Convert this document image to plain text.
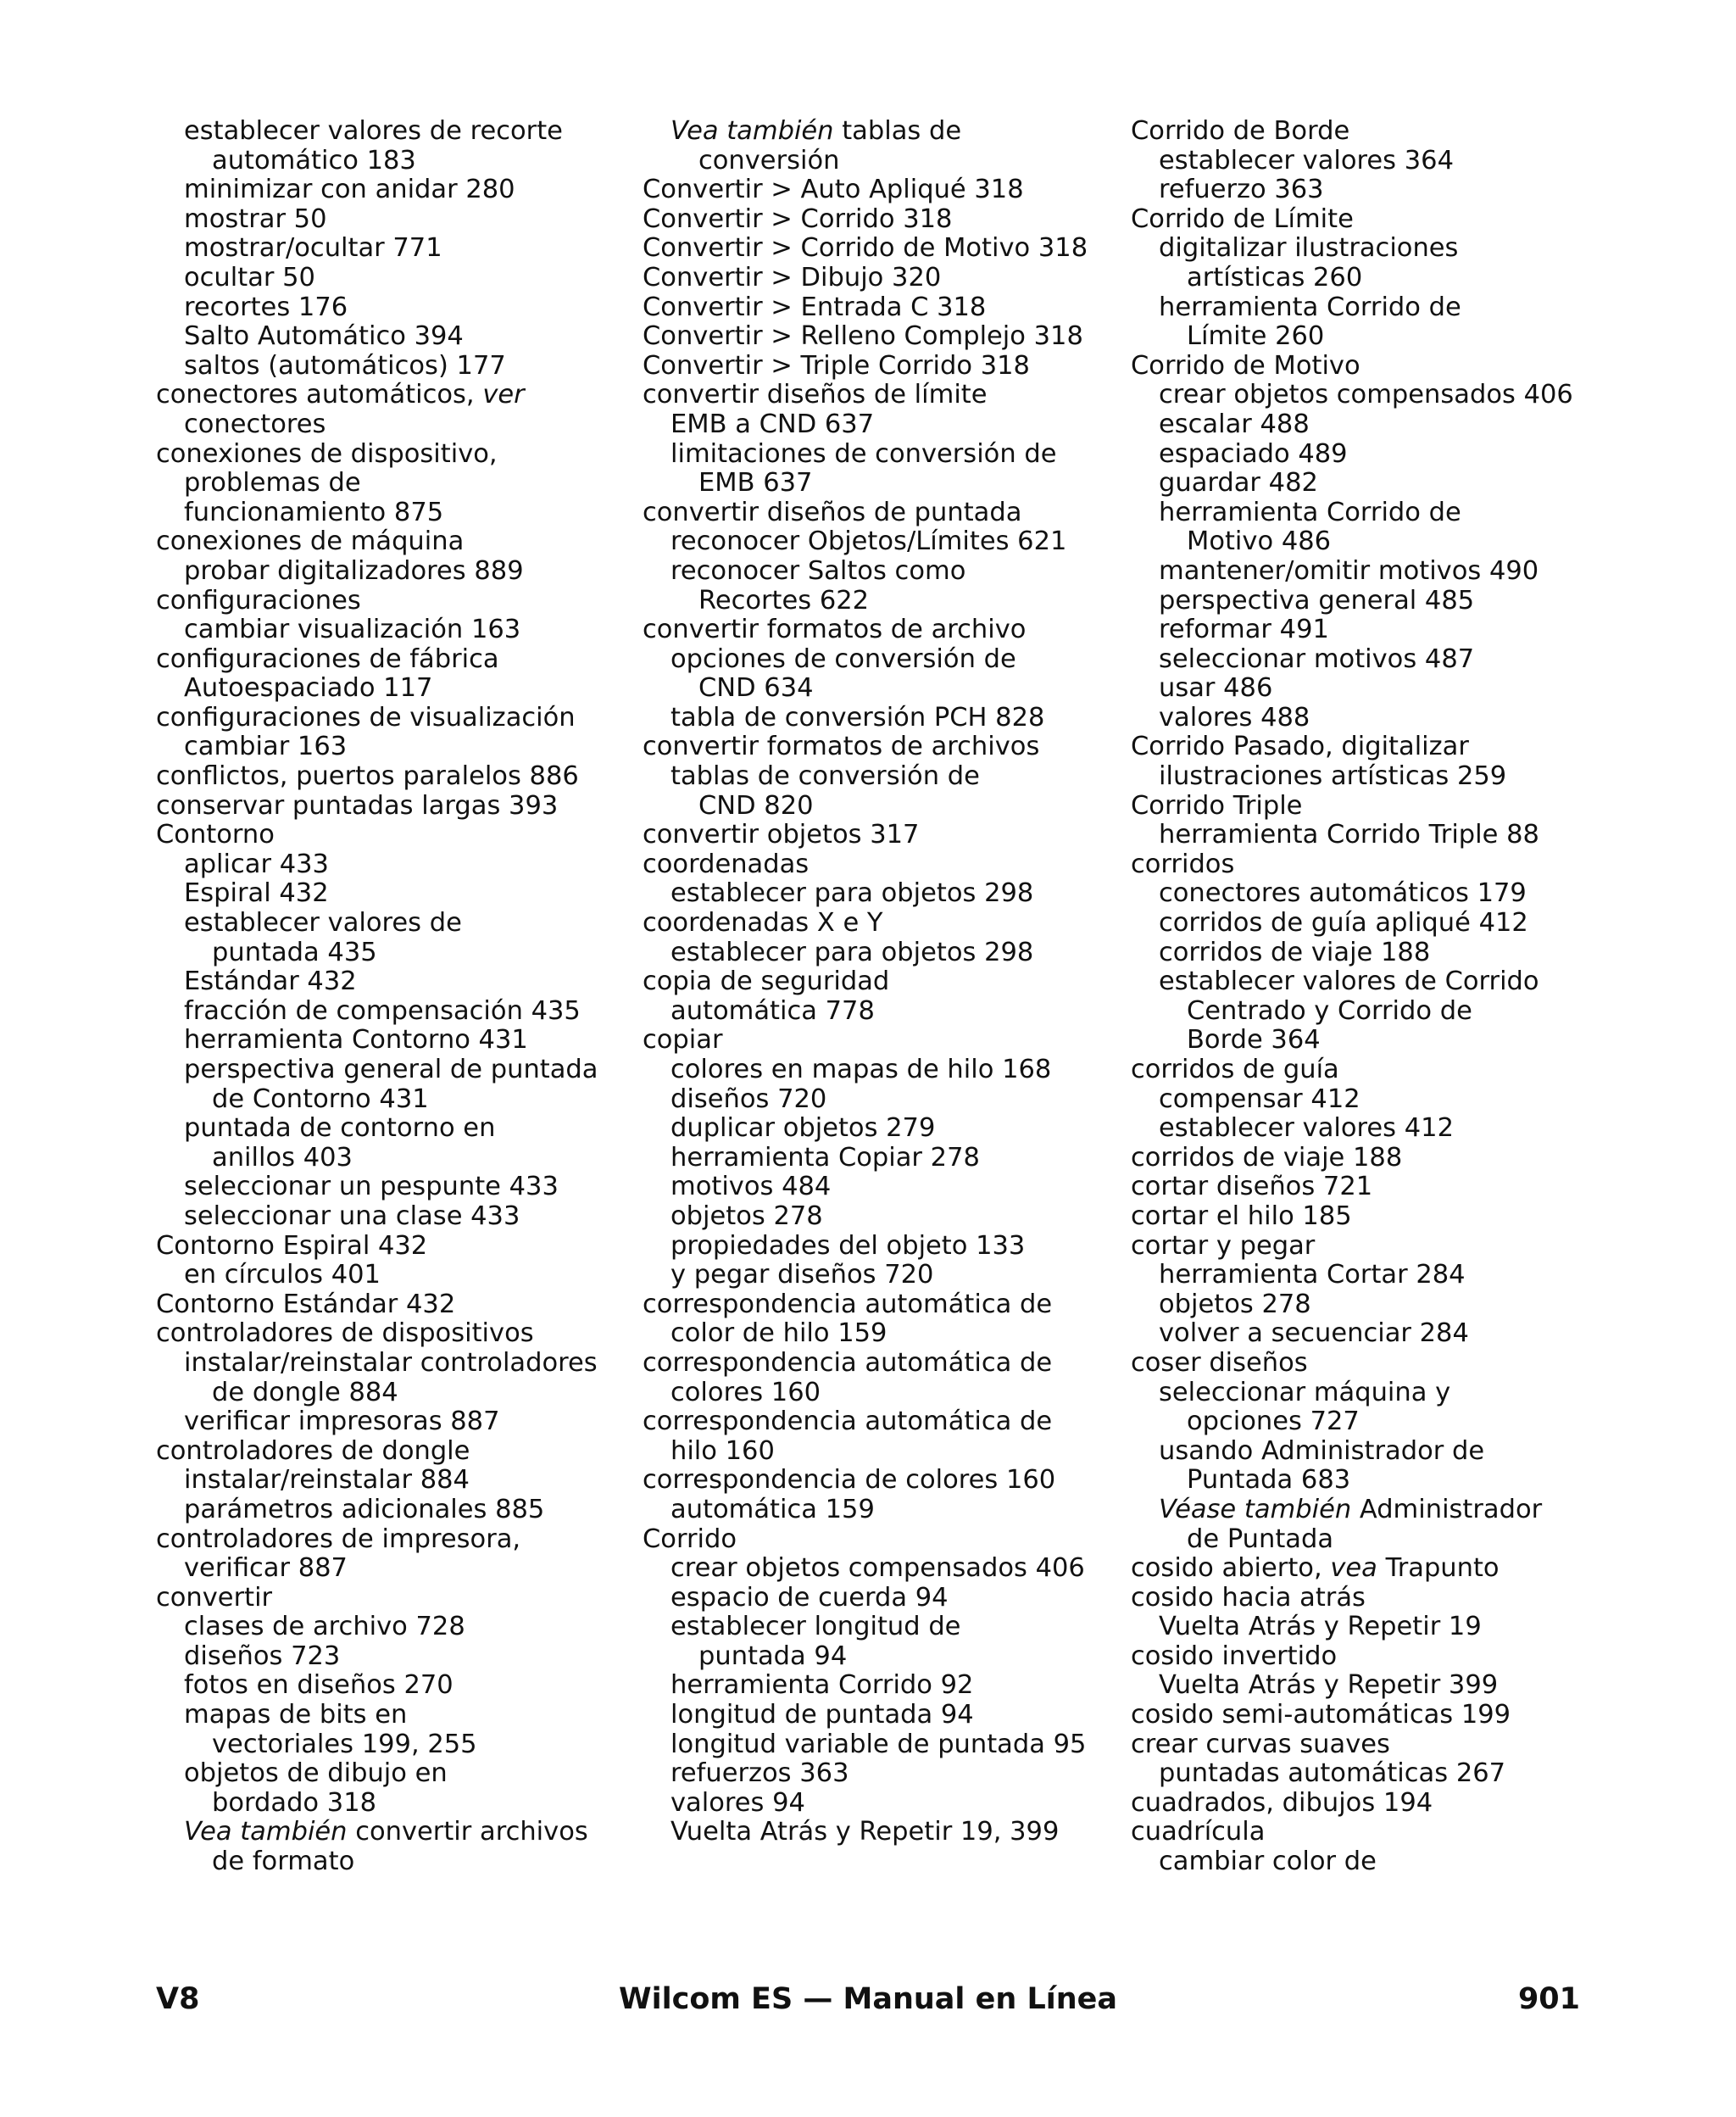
establecer valores de recorte
automático 183
minimizar con anidar 280
mostrar 50
mostrar/ocultar 771
ocultar 50
recortes 176
Salto Automático 394
saltos (automáticos) 177
conectores automáticos, ver
conectores
conexiones de dispositivo,
problemas de
funcionamiento 875
conexiones de máquina
probar digitalizadores 889
configuraciones
cambiar visualización 163
configuraciones de fábrica
Autoespaciado 117
configuraciones de visualización
cambiar 163
conflictos, puertos paralelos 886
conservar puntadas largas 393
Contorno
aplicar 433
Espiral 432
establecer valores de
puntada 435
Estándar 432
fracción de compensación 435
herramienta Contorno 431
perspectiva general de puntada
de Contorno 431
puntada de contorno en
anillos 403
seleccionar un pespunte 433
seleccionar una clase 433
Contorno Espiral 432
en círculos 401
Contorno Estándar 432
controladores de dispositivos
instalar/reinstalar controladores
de dongle 884
verificar impresoras 887
controladores de dongle
instalar/reinstalar 884
parámetros adicionales 885
controladores de impresora,
verificar 887
convertir
clases de archivo 728
diseños 723
fotos en diseños 270
mapas de bits en
vectoriales 199, 255
objetos de dibujo en
bordado 318
Vea también convertir archivos
de formato
Vea también tablas de
conversión
Convertir > Auto Apliqué 318
Convertir > Corrido 318
Convertir > Corrido de Motivo 318
Convertir > Dibujo 320
Convertir > Entrada C 318
Convertir > Relleno Complejo 318
Convertir > Triple Corrido 318
convertir diseños de límite
EMB a CND 637
limitaciones de conversión de
EMB 637
convertir diseños de puntada
reconocer Objetos/Límites 621
reconocer Saltos como
Recortes 622
convertir formatos de archivo
opciones de conversión de
CND 634
tabla de conversión PCH 828
convertir formatos de archivos
tablas de conversión de
CND 820
convertir objetos 317
coordenadas
establecer para objetos 298
coordenadas X e Y
establecer para objetos 298
copia de seguridad
automática 778
copiar
colores en mapas de hilo 168
diseños 720
duplicar objetos 279
herramienta Copiar 278
motivos 484
objetos 278
propiedades del objeto 133
y pegar diseños 720
correspondencia automática de
color de hilo 159
correspondencia automática de
colores 160
correspondencia automática de
hilo 160
correspondencia de colores 160
automática 159
Corrido
crear objetos compensados 406
espacio de cuerda 94
establecer longitud de
puntada 94
herramienta Corrido 92
longitud de puntada 94
longitud variable de puntada 95
refuerzos 363
valores 94
Vuelta Atrás y Repetir 19, 399
Corrido de Borde
establecer valores 364
refuerzo 363
Corrido de Límite
digitalizar ilustraciones
artísticas 260
herramienta Corrido de
Límite 260
Corrido de Motivo
crear objetos compensados 406
escalar 488
espaciado 489
guardar 482
herramienta Corrido de
Motivo 486
mantener/omitir motivos 490
perspectiva general 485
reformar 491
seleccionar motivos 487
usar 486
valores 488
Corrido Pasado, digitalizar
ilustraciones artísticas 259
Corrido Triple
herramienta Corrido Triple 88
corridos
conectores automáticos 179
corridos de guía apliqué 412
corridos de viaje 188
establecer valores de Corrido
Centrado y Corrido de
Borde 364
corridos de guía
compensar 412
establecer valores 412
corridos de viaje 188
cortar diseños 721
cortar el hilo 185
cortar y pegar
herramienta Cortar 284
objetos 278
volver a secuenciar 284
coser diseños
seleccionar máquina y
opciones 727
usando Administrador de
Puntada 683
Véase también Administrador
de Puntada
cosido abierto, vea Trapunto
cosido hacia atrás
Vuelta Atrás y Repetir 19
cosido invertido
Vuelta Atrás y Repetir 399
cosido semi-automáticas 199
crear curvas suaves
puntadas automáticas 267
cuadrados, dibujos 194
cuadrícula
cambiar color de
V8	Wilcom ES — Manual en Línea	901
